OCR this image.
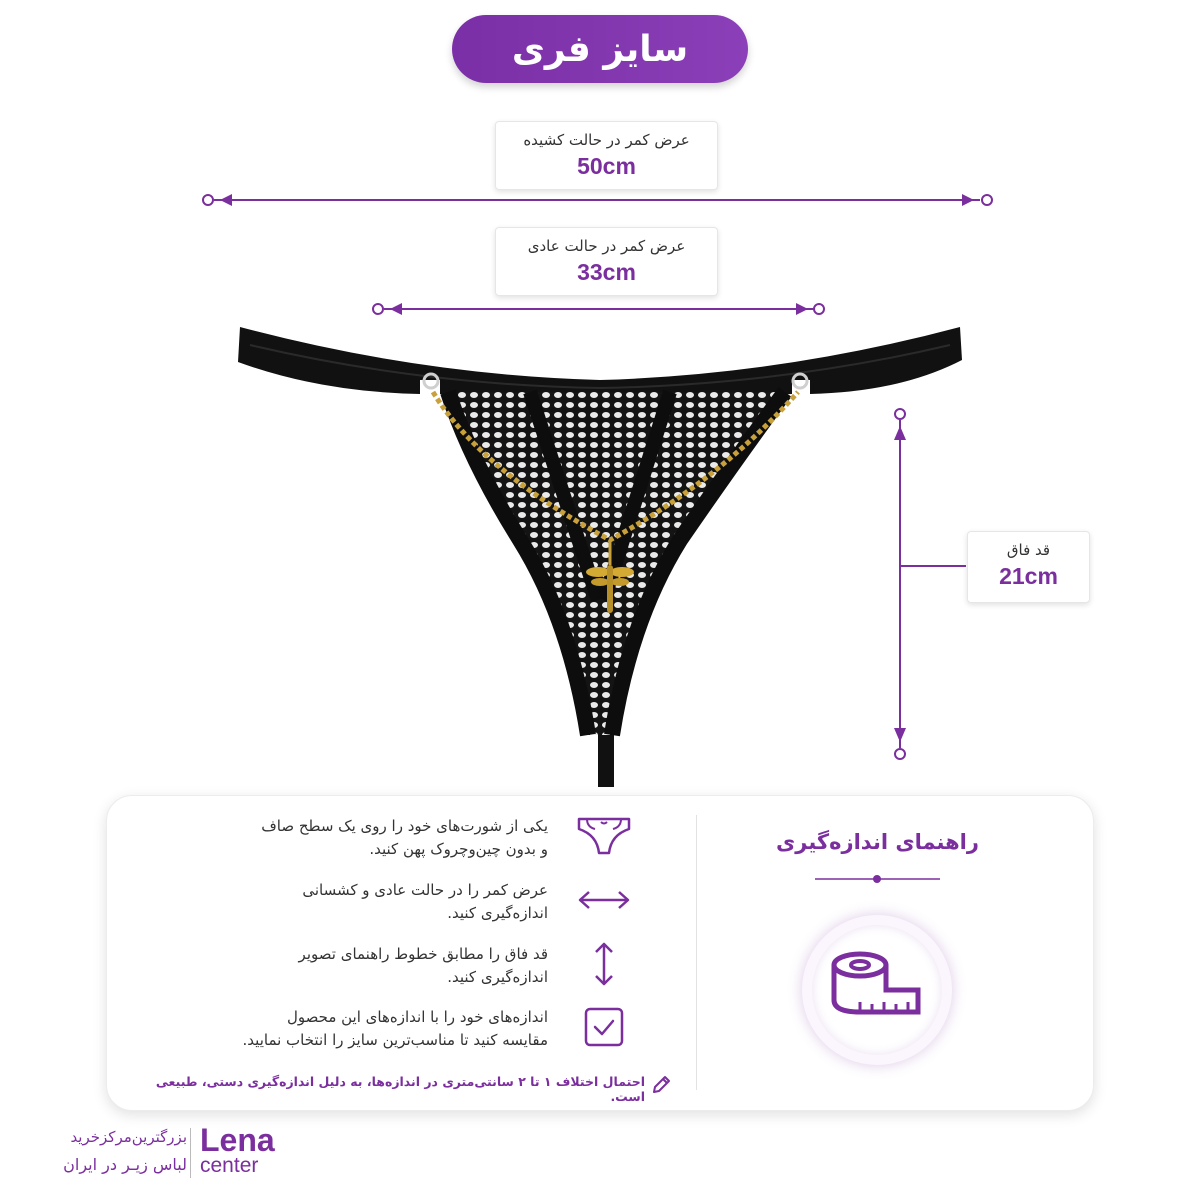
سایز فری
عرض کمر در حالت کشیده
50cm
عرض کمر در حالت عادی
33cm
قد فاق
21cm
راهنمای اندازه‌گیری
یکی از شورت‌های خود را روی یک سطح صاف
و بدون چین‌وچروک پهن کنید.
عرض کمر را در حالت عادی و کشسانی
اندازه‌گیری کنید.
قد فاق را مطابق خطوط راهنمای تصویر
اندازه‌گیری کنید.
اندازه‌های خود را با اندازه‌های این محصول
مقایسه کنید تا مناسب‌ترین سایز را انتخاب نمایید.
احتمال اختلاف ۱ تا ۲ سانتی‌متری در اندازه‌ها، به دلیل اندازه‌گیری دستی، طبیعی است.
Lena
center
بزرگترین‌مرکز‌خرید
لباس زیـر در ایران
